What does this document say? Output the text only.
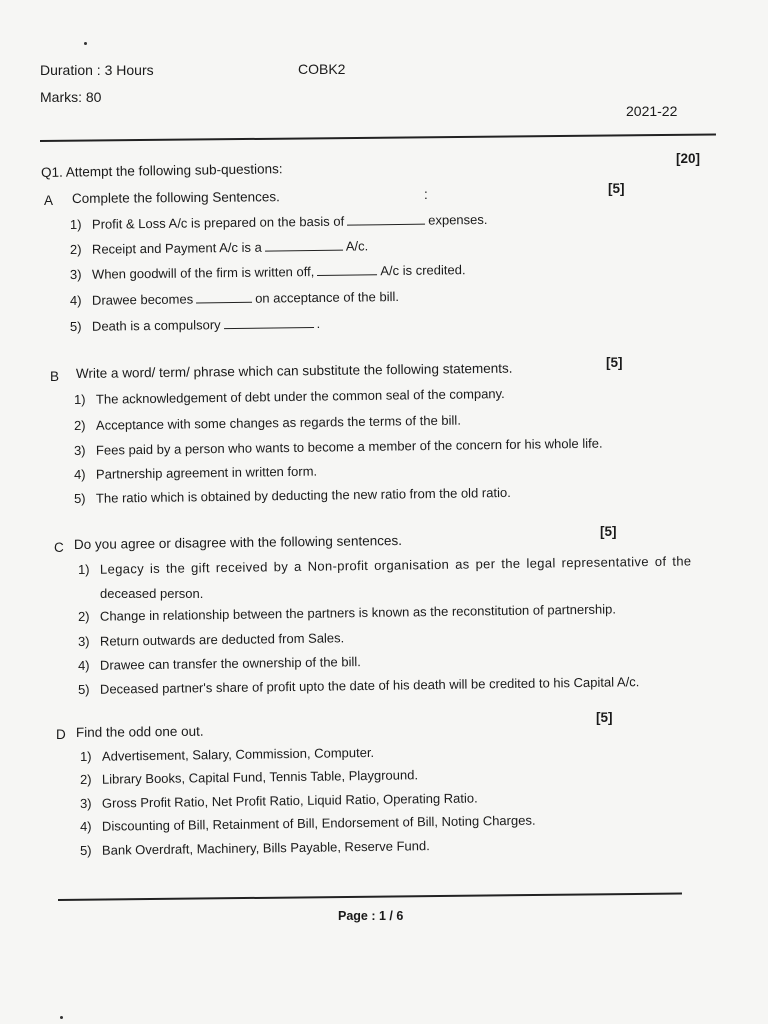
Duration : 3 Hours	COBK2
Marks: 80
2021-22
Q1. Attempt the following sub-questions:
[20]
A Complete the following Sentences.	:	[5]
1) Profit & Loss A/c is prepared on the basis of	expenses.
2) Receipt and Payment A/c is a	A/c.
3) When goodwill of the firm is written off,	A/c is credited.
4) Drawee becomes	on acceptance of the bill.
5) Death is a compulsory	.
B Write a word/ term/ phrase which can substitute the following statements.	[5]
1) The acknowledgement of debt under the common seal of the company.
2) Acceptance with some changes as regards the terms of the bill.
3) Fees paid by a person who wants to become a member of the concern for his whole life.
4) Partnership agreement in written form.
5) The ratio which is obtained by deducting the new ratio from the old ratio.
C Do you agree or disagree with the following sentences.
[5]
1) Legacy is the gift received by a Non-profit organisation as per the legal representative of the
deceased person.
2) Change in relationship between the partners is known as the reconstitution of partnership.
3) Return outwards are deducted from Sales.
4) Drawee can transfer the ownership of the bill.
5) Deceased partner's share of profit upto the date of his death will be credited to his Capital A/c.
D Find the odd one out.
[5]
1) Advertisement, Salary, Commission, Computer.
2) Library Books, Capital Fund, Tennis Table, Playground.
3) Gross Profit Ratio, Net Profit Ratio, Liquid Ratio, Operating Ratio.
4) Discounting of Bill, Retainment of Bill, Endorsement of Bill, Noting Charges.
5) Bank Overdraft, Machinery, Bills Payable, Reserve Fund.
Page : 1 / 6
